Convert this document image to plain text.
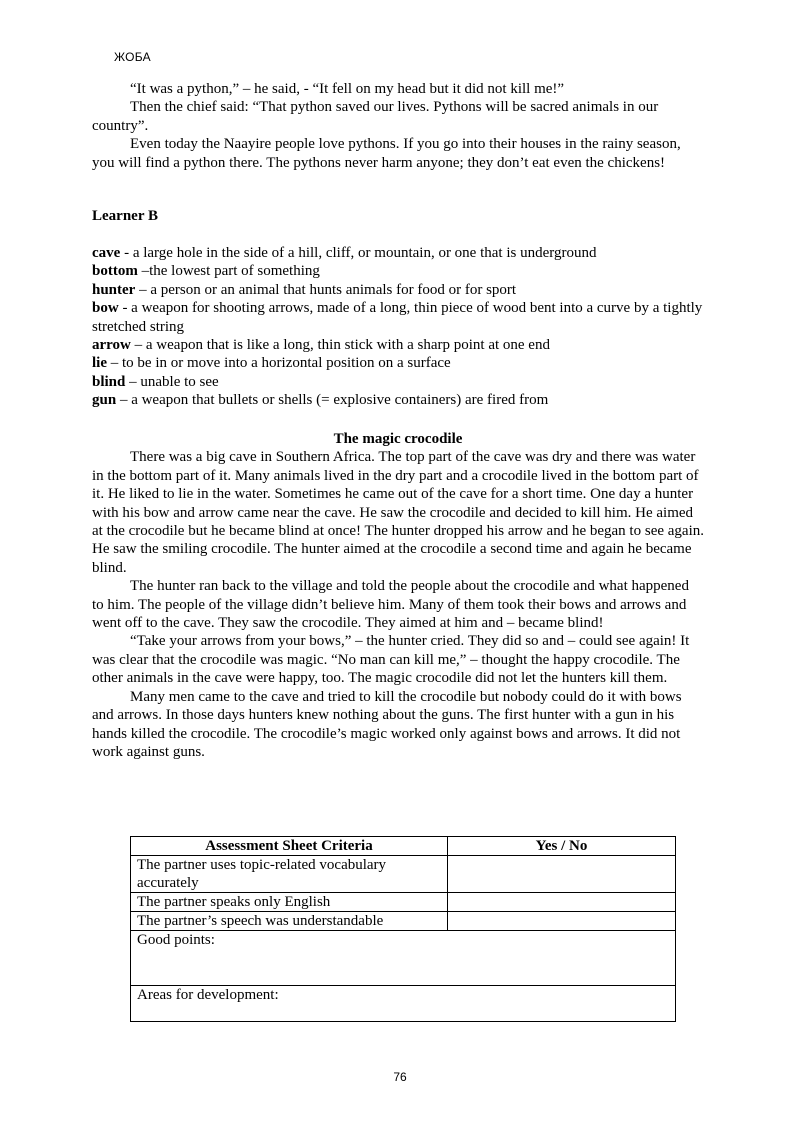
ЖОБА

“It was a python,” – he said, - “It fell on my head but it did not kill me!”

Then the chief said: “That python saved our lives. Pythons will be sacred animals in our country”.

Even today the Naayire people love pythons. If you go into their houses in the rainy season, you will find a python there. The pythons never harm anyone; they don’t eat even the chickens!

Learner B

cave - a large hole in the side of a hill, cliff, or mountain, or one that is underground

bottom –the lowest part of something

hunter – a person or an animal that hunts animals for food or for sport

bow - a weapon for shooting arrows, made of a long, thin piece of wood bent into a curve by a tightly stretched string

arrow – a weapon that is like a long, thin stick with a sharp point at one end

lie – to be in or move into a horizontal position on a surface

blind – unable to see

gun – a weapon that bullets or shells (= explosive containers) are fired from

The magic crocodile

There was a big cave in Southern Africa. The top part of the cave was dry and there was water in the bottom part of it. Many animals lived in the dry part and a crocodile lived in the bottom part of it. He liked to lie in the water. Sometimes he came out of the cave for a short time. One day a hunter with his bow and arrow came near the cave. He saw the crocodile and decided to kill him. He aimed at the crocodile but he became blind at once! The hunter dropped his arrow and he began to see again. He saw the smiling crocodile. The hunter aimed at the crocodile a second time and again he became blind.

The hunter ran back to the village and told the people about the crocodile and what happened to him. The people of the village didn’t believe him. Many of them took their bows and arrows and went off to the cave. They saw the crocodile. They aimed at him and – became blind!

“Take your arrows from your bows,” – the hunter cried. They did so and – could see again! It was clear that the crocodile was magic. “No man can kill me,” – thought the happy crocodile. The other animals in the cave were happy, too. The magic crocodile did not let the hunters kill them.

Many men came to the cave and tried to kill the crocodile but nobody could do it with bows and arrows. In those days hunters knew nothing about the guns. The first hunter with a gun in his hands killed the crocodile. The crocodile’s magic worked only against bows and arrows. It did not work against guns.

Assessment Sheet Criteria	Yes / No
The partner uses topic-related vocabulary accurately	
The partner speaks only English	
The partner’s speech was understandable	
Good points:	
Areas for development:	
76
